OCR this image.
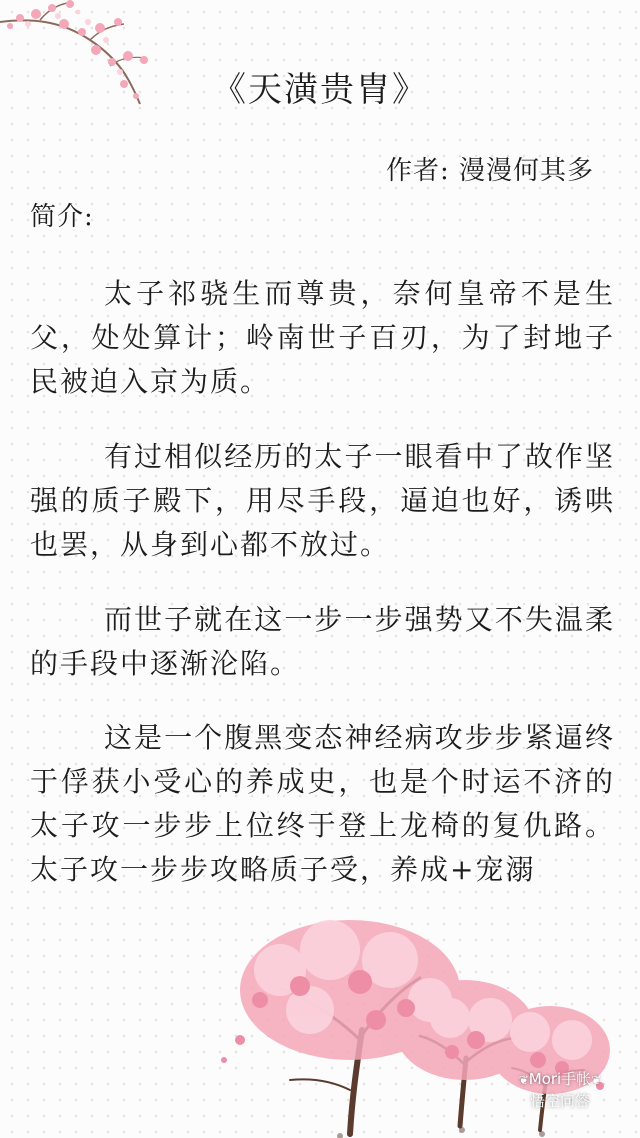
《天潢贵胄》
作者: 漫漫何其多
简介:

太子祁骁生而尊贵，奈何皇帝不是生父，处处算计；岭南世子百刃，为了封地子民被迫入京为质。

有过相似经历的太子一眼看中了故作坚强的质子殿下，用尽手段，逼迫也好，诱哄也罢，从身到心都不放过。

而世子就在这一步一步强势又不失温柔的手段中逐渐沦陷。

这是一个腹黑变态神经病攻步步紧逼终于俘获小受心的养成史，也是个时运不济的太子攻一步步上位终于登上龙椅的复仇路。太子攻一步步攻略质子受，养成+宠溺

❦Mori手帐❦
悟空问答
